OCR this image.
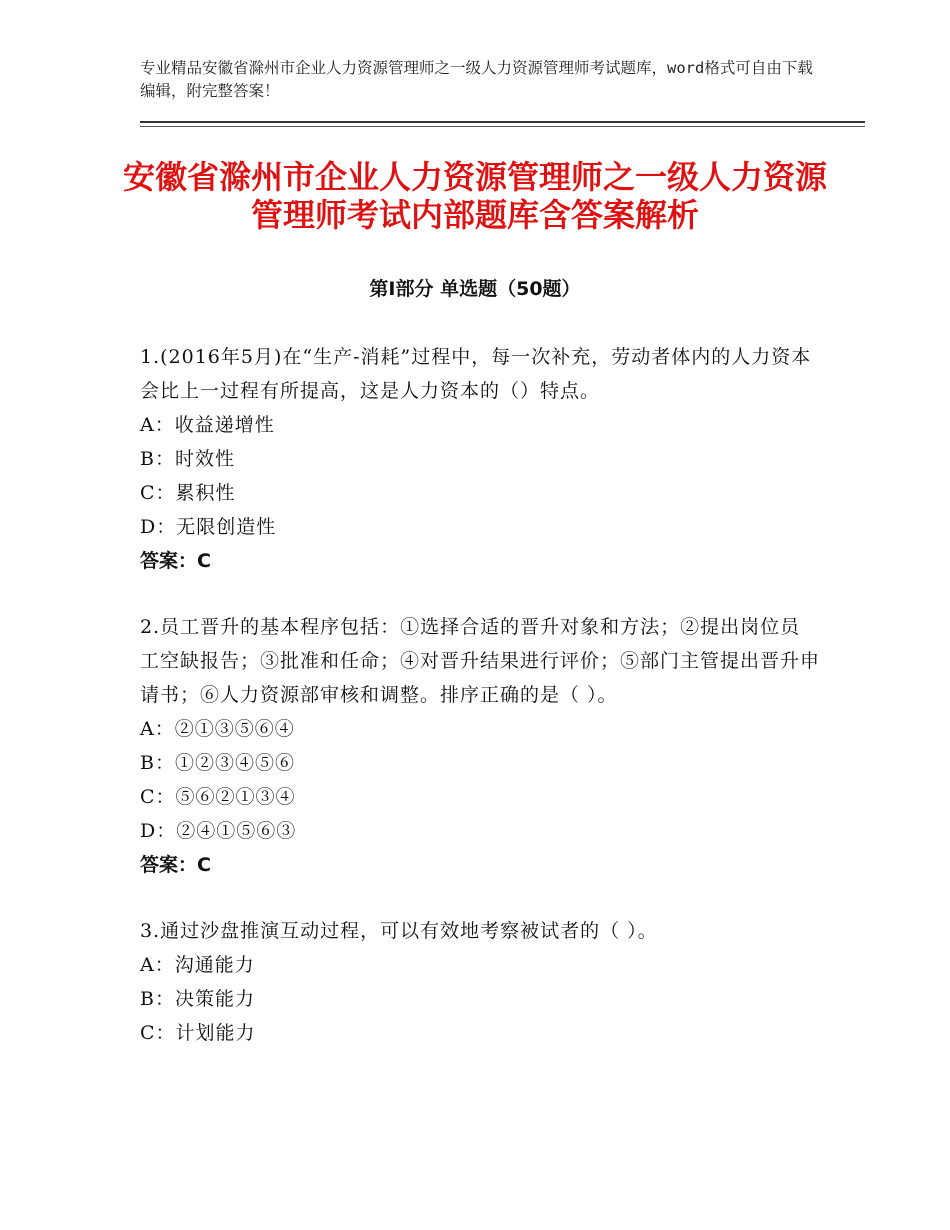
专业精品安徽省滁州市企业人力资源管理师之一级人力资源管理师考试题库，word格式可自由下载编辑，附完整答案！
安徽省滁州市企业人力资源管理师之一级人力资源管理师考试内部题库含答案解析
第Ⅰ部分 单选题（50题）

1.(2016年5月)在“生产-消耗”过程中，每一次补充，劳动者体内的人力资本会比上一过程有所提高，这是人力资本的（）特点。

A：收益递增性

B：时效性

C：累积性

D：无限创造性

答案：C

2.员工晋升的基本程序包括：①选择合适的晋升对象和方法；②提出岗位员工空缺报告；③批准和任命；④对晋升结果进行评价；⑤部门主管提出晋升申请书；⑥人力资源部审核和调整。排序正确的是（ ）。

A：②①③⑤⑥④

B：①②③④⑤⑥

C：⑤⑥②①③④

D：②④①⑤⑥③

答案：C

3.通过沙盘推演互动过程，可以有效地考察被试者的（ ）。

A：沟通能力

B：决策能力

C：计划能力
